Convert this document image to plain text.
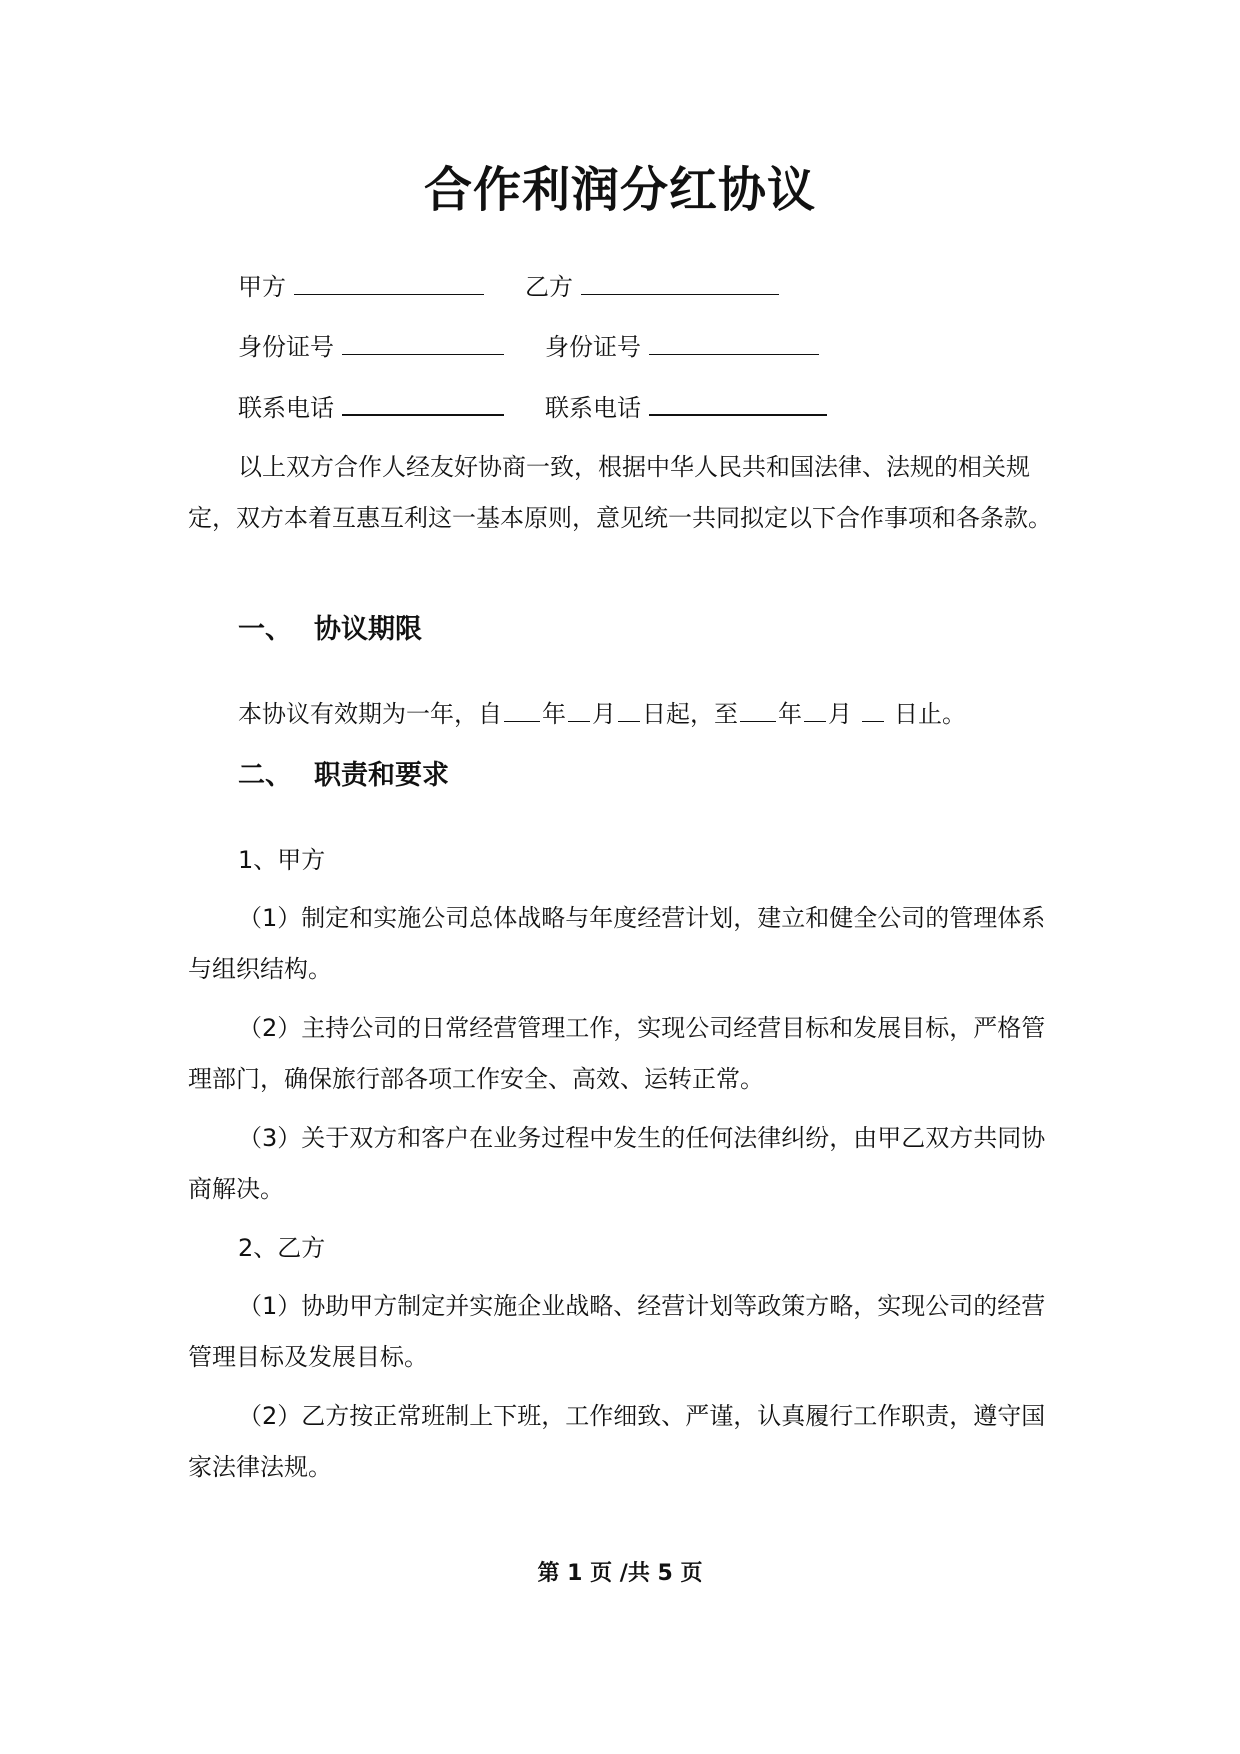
合作利润分红协议
甲方	乙方
身份证号	身份证号
联系电话	联系电话

以上双方合作人经友好协商一致，根据中华人民共和国法律、法规的相关规定，双方本着互惠互利这一基本原则，意见统一共同拟定以下合作事项和各条款。

一、 协议期限
本协议有效期为一年，自 年 月 日起，至 年 月 日止。
二、 职责和要求
1、甲方

（1）制定和实施公司总体战略与年度经营计划，建立和健全公司的管理体系与组织结构。

（2）主持公司的日常经营管理工作，实现公司经营目标和发展目标，严格管理部门，确保旅行部各项工作安全、高效、运转正常。

（3）关于双方和客户在业务过程中发生的任何法律纠纷，由甲乙双方共同协商解决。

2、乙方

（1）协助甲方制定并实施企业战略、经营计划等政策方略，实现公司的经营管理目标及发展目标。

（2）乙方按正常班制上下班，工作细致、严谨，认真履行工作职责，遵守国家法律法规。

第 1 页 /共 5 页
